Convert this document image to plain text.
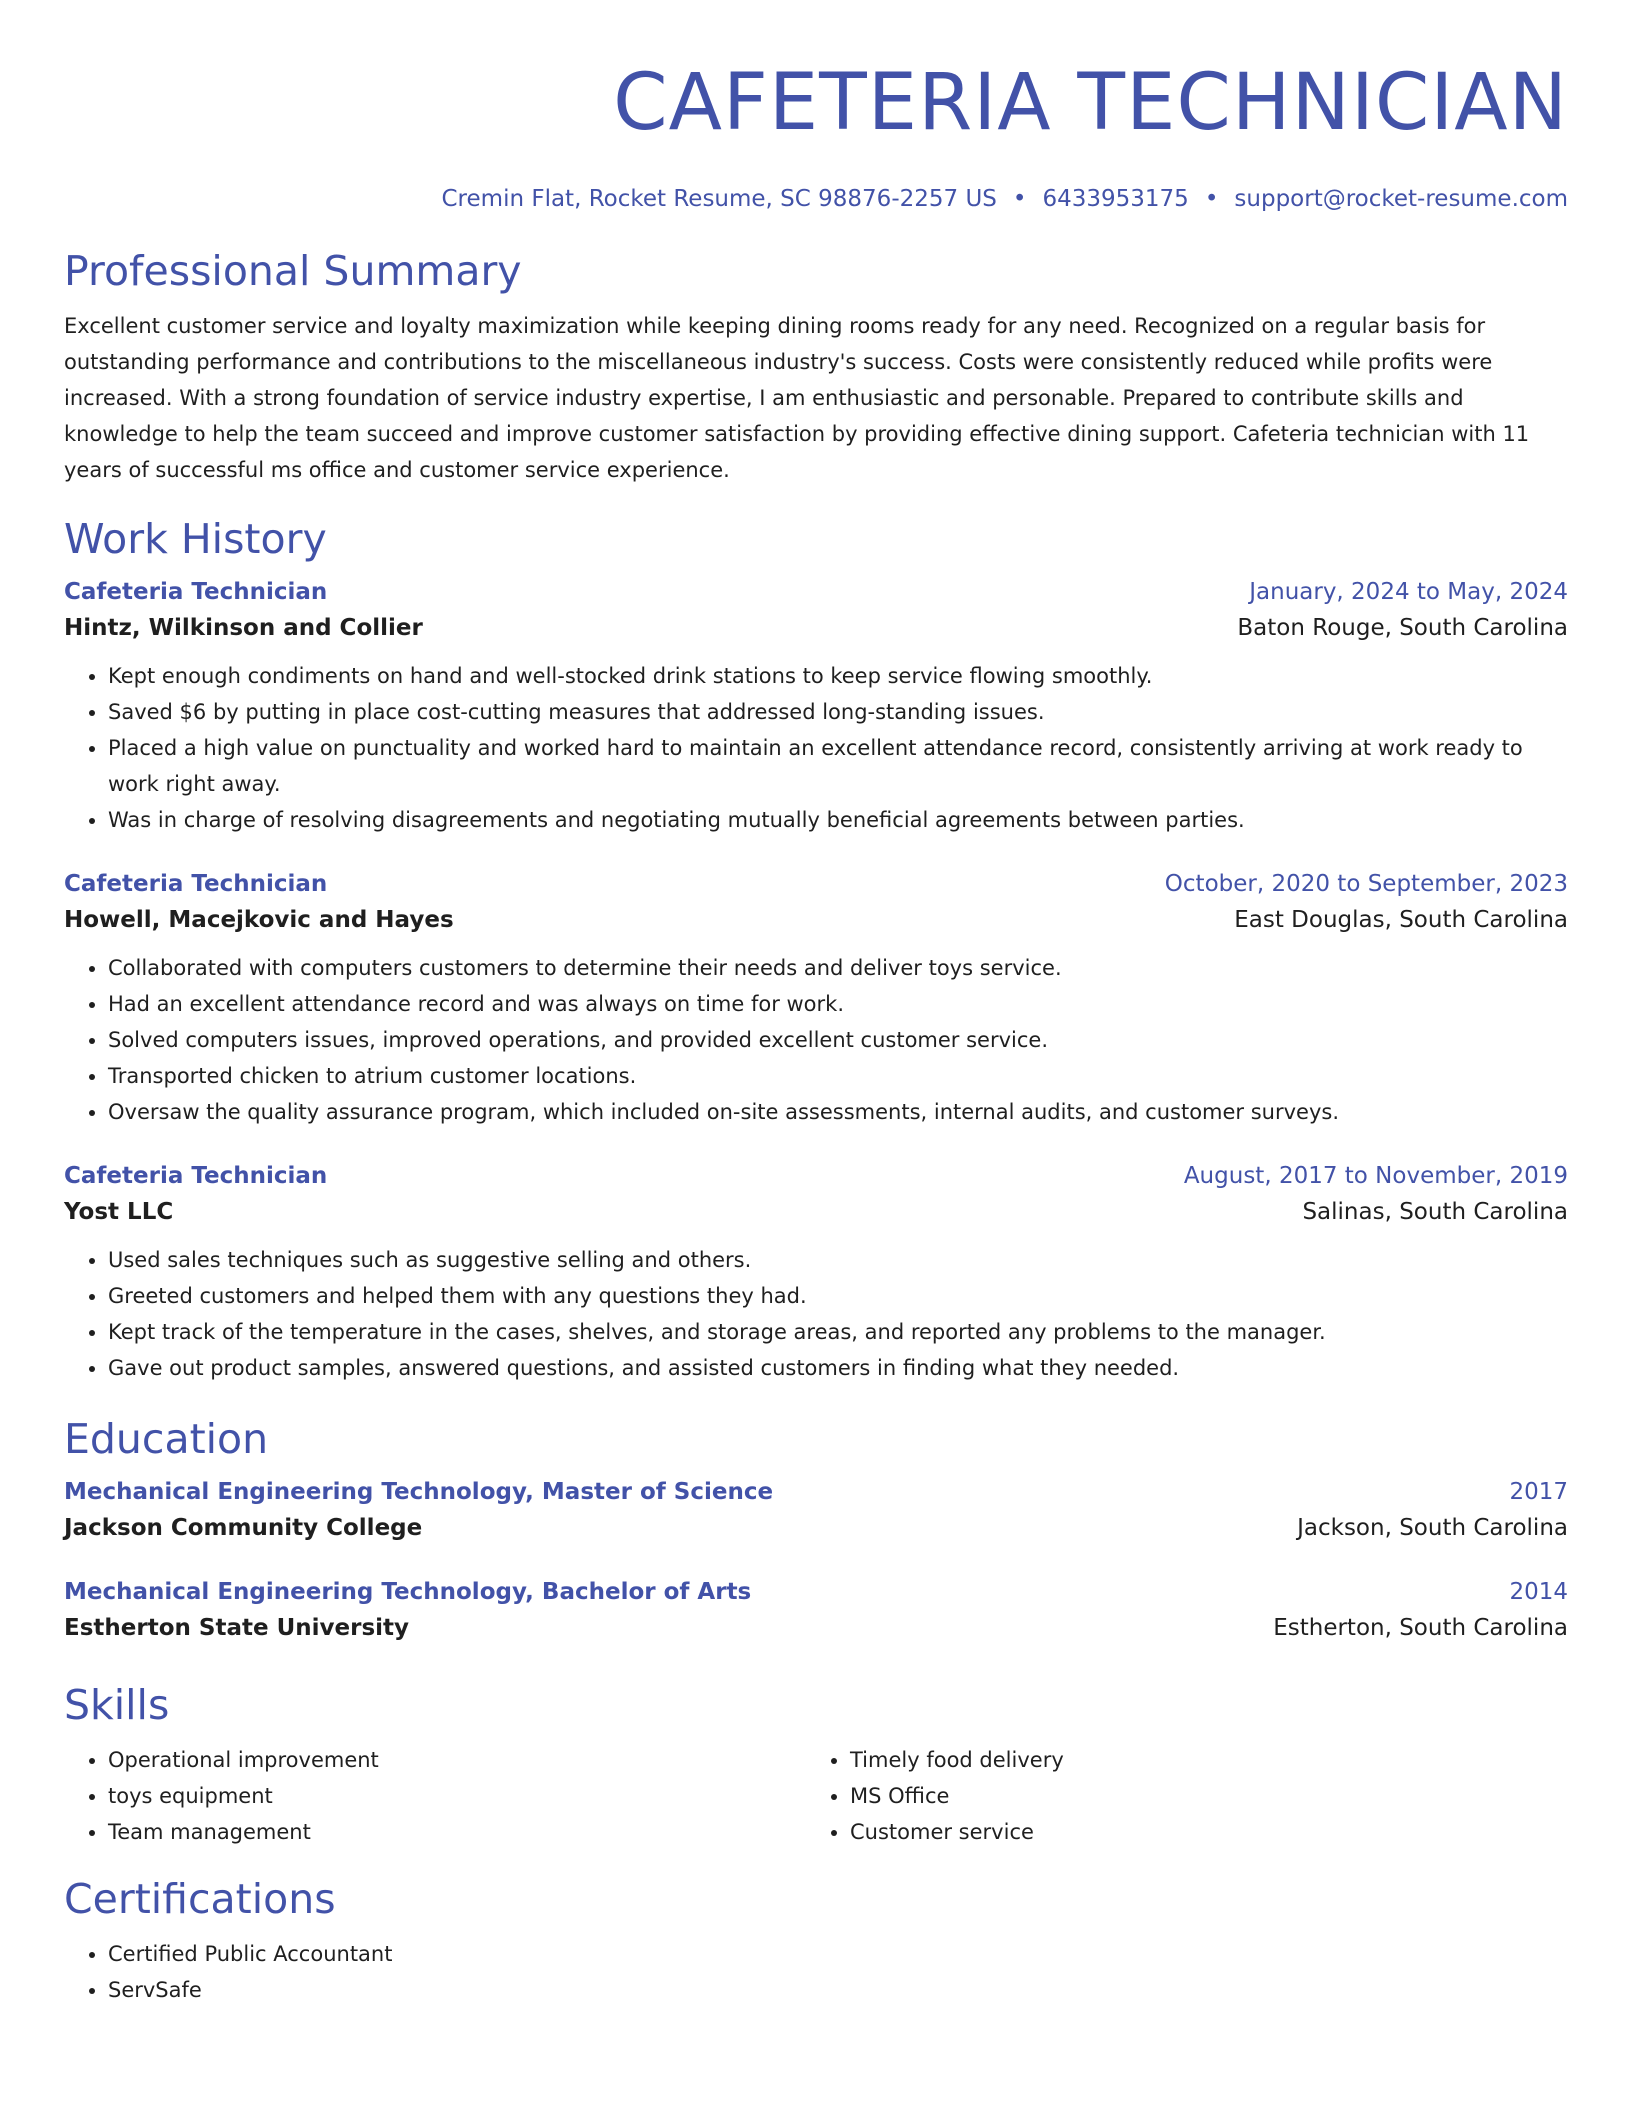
CAFETERIA TECHNICIAN
Cremin Flat, Rocket Resume, SC 98876-2257 US • 6433953175 • support@rocket-resume.com
Professional Summary
Excellent customer service and loyalty maximization while keeping dining rooms ready for any need. Recognized on a regular basis for outstanding performance and contributions to the miscellaneous industry's success. Costs were consistently reduced while profits were increased. With a strong foundation of service industry expertise, I am enthusiastic and personable. Prepared to contribute skills and knowledge to help the team succeed and improve customer satisfaction by providing effective dining support. Cafeteria technician with 11 years of successful ms office and customer service experience.
Work History
Cafeteria Technician	January, 2024 to May, 2024
Hintz, Wilkinson and Collier	Baton Rouge, South Carolina
• Kept enough condiments on hand and well-stocked drink stations to keep service flowing smoothly.
• Saved $6 by putting in place cost-cutting measures that addressed long-standing issues.
• Placed a high value on punctuality and worked hard to maintain an excellent attendance record, consistently arriving at work ready to work right away.
• Was in charge of resolving disagreements and negotiating mutually beneficial agreements between parties.
Cafeteria Technician	October, 2020 to September, 2023
Howell, Macejkovic and Hayes	East Douglas, South Carolina
• Collaborated with computers customers to determine their needs and deliver toys service.
• Had an excellent attendance record and was always on time for work.
• Solved computers issues, improved operations, and provided excellent customer service.
• Transported chicken to atrium customer locations.
• Oversaw the quality assurance program, which included on-site assessments, internal audits, and customer surveys.
Cafeteria Technician	August, 2017 to November, 2019
Yost LLC	Salinas, South Carolina
• Used sales techniques such as suggestive selling and others.
• Greeted customers and helped them with any questions they had.
• Kept track of the temperature in the cases, shelves, and storage areas, and reported any problems to the manager.
• Gave out product samples, answered questions, and assisted customers in finding what they needed.
Education
Mechanical Engineering Technology, Master of Science	2017
Jackson Community College	Jackson, South Carolina
Mechanical Engineering Technology, Bachelor of Arts	2014
Estherton State University	Estherton, South Carolina
Skills
• Operational improvement
• toys equipment
• Team management
• Timely food delivery
• MS Office
• Customer service
Certifications
• Certified Public Accountant
• ServSafe
